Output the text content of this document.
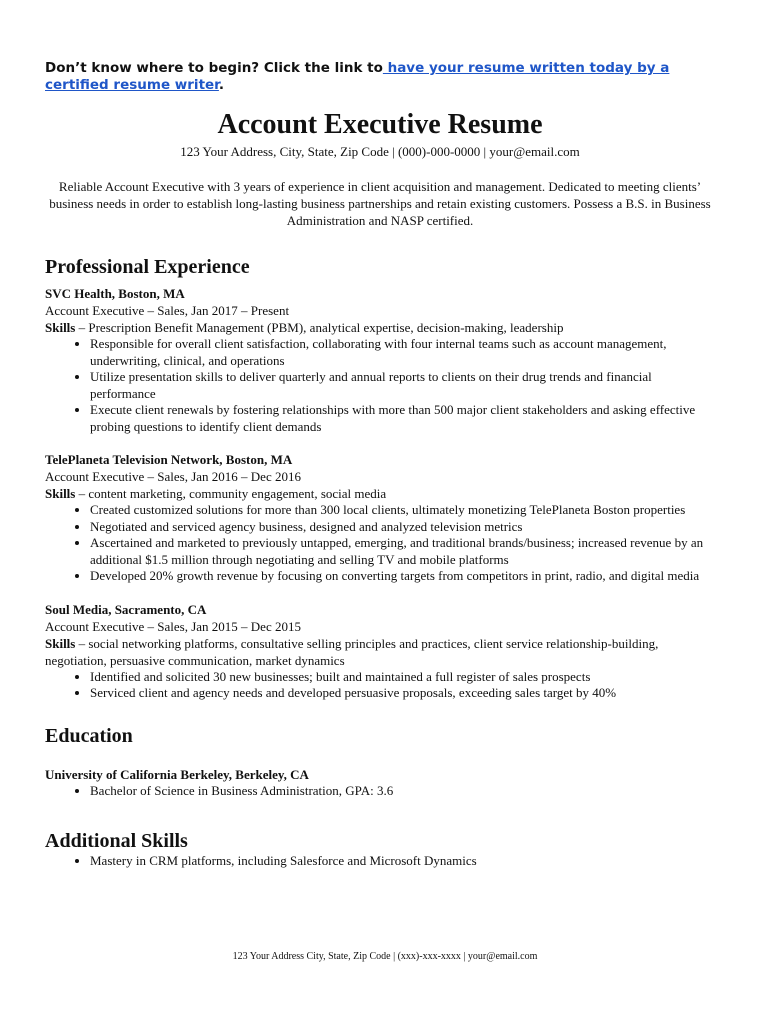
Don’t know where to begin? Click the link to have your resume written today by a certified resume writer.

Account Executive Resume
123 Your Address, City, State, Zip Code | (000)-000-0000 | your@email.com

Reliable Account Executive with 3 years of experience in client acquisition and management. Dedicated to meeting clients’ business needs in order to establish long-lasting business partnerships and retain existing customers. Possess a B.S. in Business Administration and NASP certified.

Professional Experience

SVC Health, Boston, MA

Account Executive – Sales, Jan 2017 – Present

Skills – Prescription Benefit Management (PBM), analytical expertise, decision-making, leadership

• Responsible for overall client satisfaction, collaborating with four internal teams such as account management, underwriting, clinical, and operations
• Utilize presentation skills to deliver quarterly and annual reports to clients on their drug trends and financial performance
• Execute client renewals by fostering relationships with more than 500 major client stakeholders and asking effective probing questions to identify client demands

TelePlaneta Television Network, Boston, MA

Account Executive – Sales, Jan 2016 – Dec 2016

Skills – content marketing, community engagement, social media

• Created customized solutions for more than 300 local clients, ultimately monetizing TelePlaneta Boston properties
• Negotiated and serviced agency business, designed and analyzed television metrics
• Ascertained and marketed to previously untapped, emerging, and traditional brands/business; increased revenue by an additional $1.5 million through negotiating and selling TV and mobile platforms
• Developed 20% growth revenue by focusing on converting targets from competitors in print, radio, and digital media

Soul Media, Sacramento, CA

Account Executive – Sales, Jan 2015 – Dec 2015

Skills – social networking platforms, consultative selling principles and practices, client service relationship-building, negotiation, persuasive communication, market dynamics

• Identified and solicited 30 new businesses; built and maintained a full register of sales prospects
• Serviced client and agency needs and developed persuasive proposals, exceeding sales target by 40%
Education

University of California Berkeley, Berkeley, CA

• Bachelor of Science in Business Administration, GPA: 3.6
Additional Skills
• Mastery in CRM platforms, including Salesforce and Microsoft Dynamics
123 Your Address City, State, Zip Code | (xxx)-xxx-xxxx | your@email.com
